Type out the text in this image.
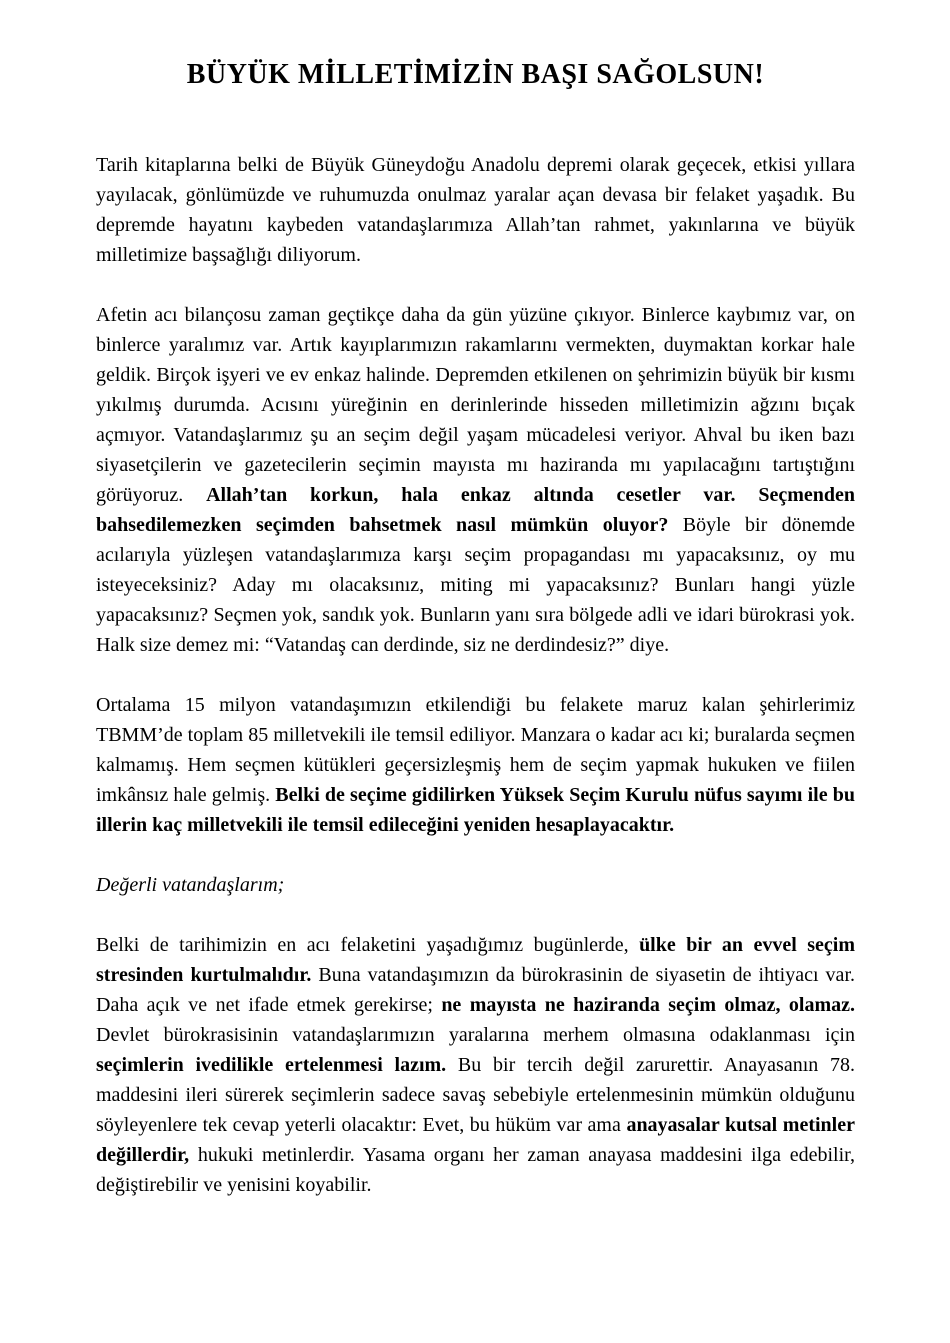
BÜYÜK MİLLETİMİZİN BAŞI SAĞOLSUN!

Tarih kitaplarına belki de Büyük Güneydoğu Anadolu depremi olarak geçecek, etkisi yıllara yayılacak, gönlümüzde ve ruhumuzda onulmaz yaralar açan devasa bir felaket yaşadık. Bu depremde hayatını kaybeden vatandaşlarımıza Allah’tan rahmet, yakınlarına ve büyük milletimize başsağlığı diliyorum.

Afetin acı bilançosu zaman geçtikçe daha da gün yüzüne çıkıyor. Binlerce kaybımız var, on binlerce yaralımız var. Artık kayıplarımızın rakamlarını vermekten, duymaktan korkar hale geldik. Birçok işyeri ve ev enkaz halinde. Depremden etkilenen on şehrimizin büyük bir kısmı yıkılmış durumda. Acısını yüreğinin en derinlerinde hisseden milletimizin ağzını bıçak açmıyor. Vatandaşlarımız şu an seçim değil yaşam mücadelesi veriyor. Ahval bu iken bazı siyasetçilerin ve gazetecilerin seçimin mayısta mı haziranda mı yapılacağını tartıştığını görüyoruz. Allah’tan korkun, hala enkaz altında cesetler var. Seçmenden bahsedilemezken seçimden bahsetmek nasıl mümkün oluyor? Böyle bir dönemde acılarıyla yüzleşen vatandaşlarımıza karşı seçim propagandası mı yapacaksınız, oy mu isteyeceksiniz? Aday mı olacaksınız, miting mi yapacaksınız? Bunları hangi yüzle yapacaksınız? Seçmen yok, sandık yok. Bunların yanı sıra bölgede adli ve idari bürokrasi yok. Halk size demez mi: “Vatandaş can derdinde, siz ne derdindesiz?” diye.

Ortalama 15 milyon vatandaşımızın etkilendiği bu felakete maruz kalan şehirlerimiz TBMM’de toplam 85 milletvekili ile temsil ediliyor. Manzara o kadar acı ki; buralarda seçmen kalmamış. Hem seçmen kütükleri geçersizleşmiş hem de seçim yapmak hukuken ve fiilen imkânsız hale gelmiş. Belki de seçime gidilirken Yüksek Seçim Kurulu nüfus sayımı ile bu illerin kaç milletvekili ile temsil edileceğini yeniden hesaplayacaktır.

Değerli vatandaşlarım;

Belki de tarihimizin en acı felaketini yaşadığımız bugünlerde, ülke bir an evvel seçim stresinden kurtulmalıdır. Buna vatandaşımızın da bürokrasinin de siyasetin de ihtiyacı var. Daha açık ve net ifade etmek gerekirse; ne mayısta ne haziranda seçim olmaz, olamaz. Devlet bürokrasisinin vatandaşlarımızın yaralarına merhem olmasına odaklanması için seçimlerin ivedilikle ertelenmesi lazım. Bu bir tercih değil zarurettir. Anayasanın 78. maddesini ileri sürerek seçimlerin sadece savaş sebebiyle ertelenmesinin mümkün olduğunu söyleyenlere tek cevap yeterli olacaktır: Evet, bu hüküm var ama anayasalar kutsal metinler değillerdir, hukuki metinlerdir. Yasama organı her zaman anayasa maddesini ilga edebilir, değiştirebilir ve yenisini koyabilir.
